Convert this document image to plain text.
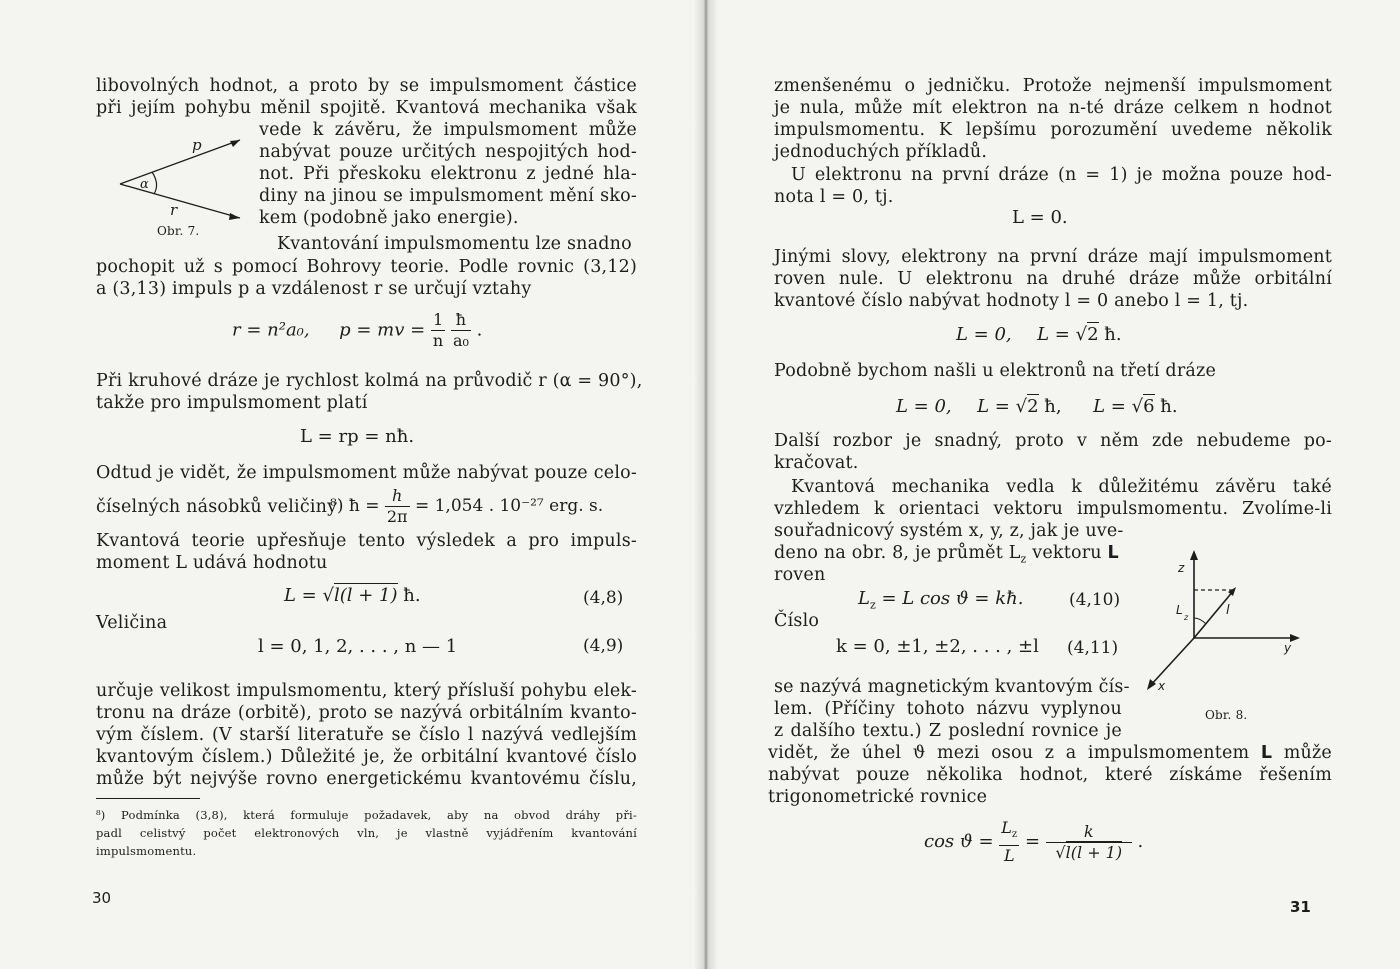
libovolných hodnot, a proto by se impulsmoment částice
při jejím pohybu měnil spojitě. Kvantová mechanika však
vede k závěru, že impulsmoment může
nabývat pouze určitých nespojitých hod-
not. Při přeskoku elektronu z jedné hla-
diny na jinou se impulsmoment mění sko-
kem (podobně jako energie).
p
r
α
Obr. 7.
Kvantování impulsmomentu lze snadno
pochopit už s pomocí Bohrovy teorie. Podle rovnic (3,12)
a (3,13) impuls p a vzdálenost r se určují vztahy
r = n²a₀, p = mv = $\frac{1}{n}$
$\frac{ħ}{\text{a₀}}$ .
Při kruhové dráze je rychlost kolmá na průvodič r (α = 90°),
takže pro impulsmoment platí
L = rp = nħ.
Odtud je vidět, že impulsmoment může nabývat pouze celo-
číselných násobků veličiny
⁸) ħ = $\frac{h}{2\pi} = 1,054$ . 10⁻²⁷ erg. s.
Kvantová teorie upřesňuje tento výsledek a pro impuls-
moment L udává hodnotu
L = √l(l + 1) ħ.	(4,8)
Veličina
l = 0, 1, 2, . . . , n — 1	(4,9)
určuje velikost impulsmomentu, který přísluší pohybu elek-
tronu na dráze (orbitě), proto se nazývá orbitálním kvanto-
vým číslem. (V starší literatuře se číslo l nazývá vedlejším
kvantovým číslem.) Důležité je, že orbitální kvantové číslo
může být nejvýše rovno energetickému kvantovému číslu,
⁸) Podmínka (3,8), která formuluje požadavek, aby na obvod dráhy při-
padl celistvý počet elektronových vln, je vlastně vyjádřením kvantování
impulsmomentu.
30
zmenšenému o jedničku. Protože nejmenší impulsmoment
je nula, může mít elektron na n-té dráze celkem n hodnot
impulsmomentu. K lepšímu porozumění uvedeme několik
jednoduchých příkladů.
U elektronu na první dráze (n = 1) je možna pouze hod-
nota l = 0, tj.
L = 0.
Jinými slovy, elektrony na první dráze mají impulsmoment
roven nule. U elektronu na druhé dráze může orbitální
kvantové číslo nabývat hodnoty l = 0 anebo l = 1, tj.
L = 0, L = √2 ħ.
Podobně bychom našli u elektronů na třetí dráze
L = 0, L = √2 ħ, L = √6 ħ.
Další rozbor je snadný, proto v něm zde nebudeme po-
kračovat.
Kvantová mechanika vedla k důležitému závěru také
vzhledem k orientaci vektoru impulsmomentu. Zvolíme-li
souřadnicový systém x, y, z, jak je uve-
deno na obr. 8, je průmět $L_z$ vektoru L
roven
$L_z = L$ cos ϑ = kħ.	(4,10)
Číslo
k = 0, ±1, ±2, . . . , ±l (4,11)
se nazývá magnetickým kvantovým čís-
lem. (Příčiny tohoto názvu vyplynou
z dalšího textu.) Z poslední rovnice je
vidět, že úhel ϑ mezi osou z a impulsmomentem L může
nabývat pouze několika hodnot, které získáme řešením
trigonometrické rovnice
$\cos ϑ = \frac{L_z}{L} = \frac{k}{√l(l + 1)}$ .
z
y
x
l
L
z
Obr. 8.
31
